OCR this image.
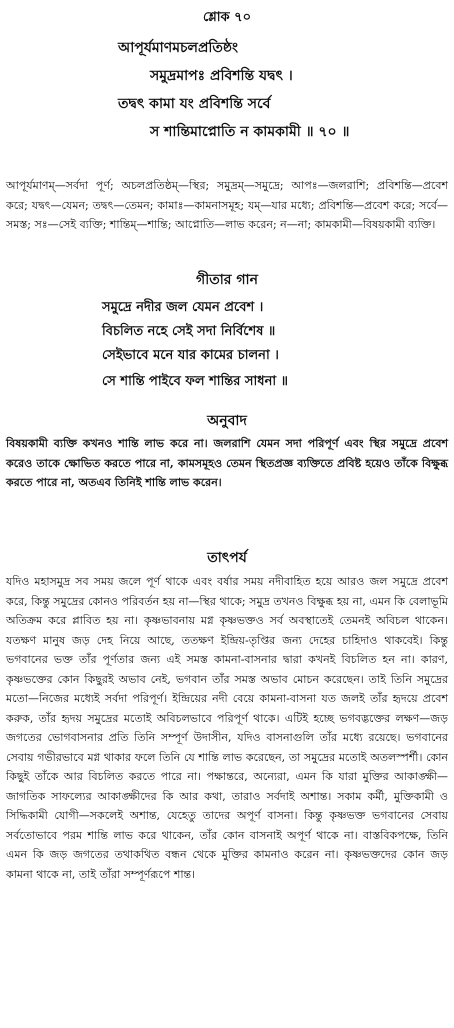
শ্লোক ৭০
আপূর্যমাণমচলপ্রতিষ্ঠং
সমুদ্রমাপঃ প্রবিশন্তি যদ্বৎ ।
তদ্বৎ কামা যং প্রবিশন্তি সর্বে
স শান্তিমাপ্নোতি ন কামকামী ॥ ৭০ ॥
আপূর্যমাণম্—সর্বদা পূর্ণ; অচলপ্রতিষ্ঠম্—স্থির; সমুদ্রম্—সমুদ্রে; আপঃ—জলরাশি; প্রবিশন্তি—প্রবেশ করে; যদ্বৎ—যেমন; তদ্বৎ—তেমন; কামাঃ—কামনাসমূহ; যম্—যার মধ্যে; প্রবিশন্তি—প্রবেশ করে; সর্বে—সমস্ত; সঃ—সেই ব্যক্তি; শান্তিম্—শান্তি; আপ্নোতি—লাভ করেন; ন—না; কামকামী—বিষয়কামী ব্যক্তি।
গীতার গান
সমুদ্রে নদীর জল যেমন প্রবেশ ।
বিচলিত নহে সেই সদা নির্বিশেষ ॥
সেইভাবে মনে যার কামের চালনা ।
সে শান্তি পাইবে ফল শান্তির সাধনা ॥
অনুবাদ
বিষয়কামী ব্যক্তি কখনও শান্তি লাভ করে না। জলরাশি যেমন সদা পরিপূর্ণ এবং স্থির সমুদ্রে প্রবেশ করেও তাকে ক্ষোভিত করতে পারে না, কামসমূহও তেমন স্থিতপ্রজ্ঞ ব্যক্তিতে প্রবিষ্ট হয়েও তাঁকে বিক্ষুব্ধ করতে পারে না, অতএব তিনিই শান্তি লাভ করেন।
তাৎপর্য
যদিও মহাসমুদ্র সব সময় জলে পূর্ণ থাকে এবং বর্ষার সময় নদীবাহিত হয়ে আরও জল সমুদ্রে প্রবেশ করে, কিন্তু সমুদ্রের কোনও পরিবর্তন হয় না—স্থির থাকে; সমুদ্র তখনও বিক্ষুব্ধ হয় না, এমন কি বেলাভূমি অতিক্রম করে প্লাবিত হয় না। কৃষ্ণভাবনায় মগ্ন কৃষ্ণভক্তও সর্ব অবস্থাতেই তেমনই অবিচল থাকেন। যতক্ষণ মানুষ জড় দেহ নিয়ে আছে, ততক্ষণ ইন্দ্রিয়-তৃপ্তির জন্য দেহের চাহিদাও থাকবেই। কিন্তু ভগবানের ভক্ত তাঁর পূর্ণতার জন্য এই সমস্ত কামনা-বাসনার দ্বারা কখনই বিচলিত হন না। কারণ, কৃষ্ণভক্তের কোন কিছুরই অভাব নেই, ভগবান তাঁর সমস্ত অভাব মোচন করেছেন। তাই তিনি সমুদ্রের মতো—নিজের মধ্যেই সর্বদা পরিপূর্ণ। ইন্দ্রিয়ের নদী বেয়ে কামনা-বাসনা যত জলই তাঁর হৃদয়ে প্রবেশ করুক, তাঁর হৃদয় সমুদ্রের মতোই অবিচলভাবে পরিপূর্ণ থাকে। এটিই হচ্ছে ভগবদ্ভক্তের লক্ষণ—জড় জগতের ভোগবাসনার প্রতি তিনি সম্পূর্ণ উদাসীন, যদিও বাসনাগুলি তাঁর মধ্যে রয়েছে। ভগবানের সেবায় গভীরভাবে মগ্ন থাকার ফলে তিনি যে শান্তি লাভ করেছেন, তা সমুদ্রের মতোই অতলস্পর্শী। কোন কিছুই তাঁকে আর বিচলিত করতে পারে না। পক্ষান্তরে, অন্যেরা, এমন কি যারা মুক্তির আকাঙ্ক্ষী—জাগতিক সাফল্যের আকাঙ্ক্ষীদের কি আর কথা, তারাও সর্বদাই অশান্ত। সকাম কর্মী, মুক্তিকামী ও সিদ্ধিকামী যোগী—সকলেই অশান্ত, যেহেতু তাদের অপূর্ণ বাসনা। কিন্তু কৃষ্ণভক্ত ভগবানের সেবায় সর্বতোভাবে পরম শান্তি লাভ করে থাকেন, তাঁর কোন বাসনাই অপূর্ণ থাকে না। বাস্তবিকপক্ষে, তিনি এমন কি জড় জগতের তথাকথিত বন্ধন থেকে মুক্তির কামনাও করেন না। কৃষ্ণভক্তদের কোন জড় কামনা থাকে না, তাই তাঁরা সম্পূর্ণরূপে শান্ত।
